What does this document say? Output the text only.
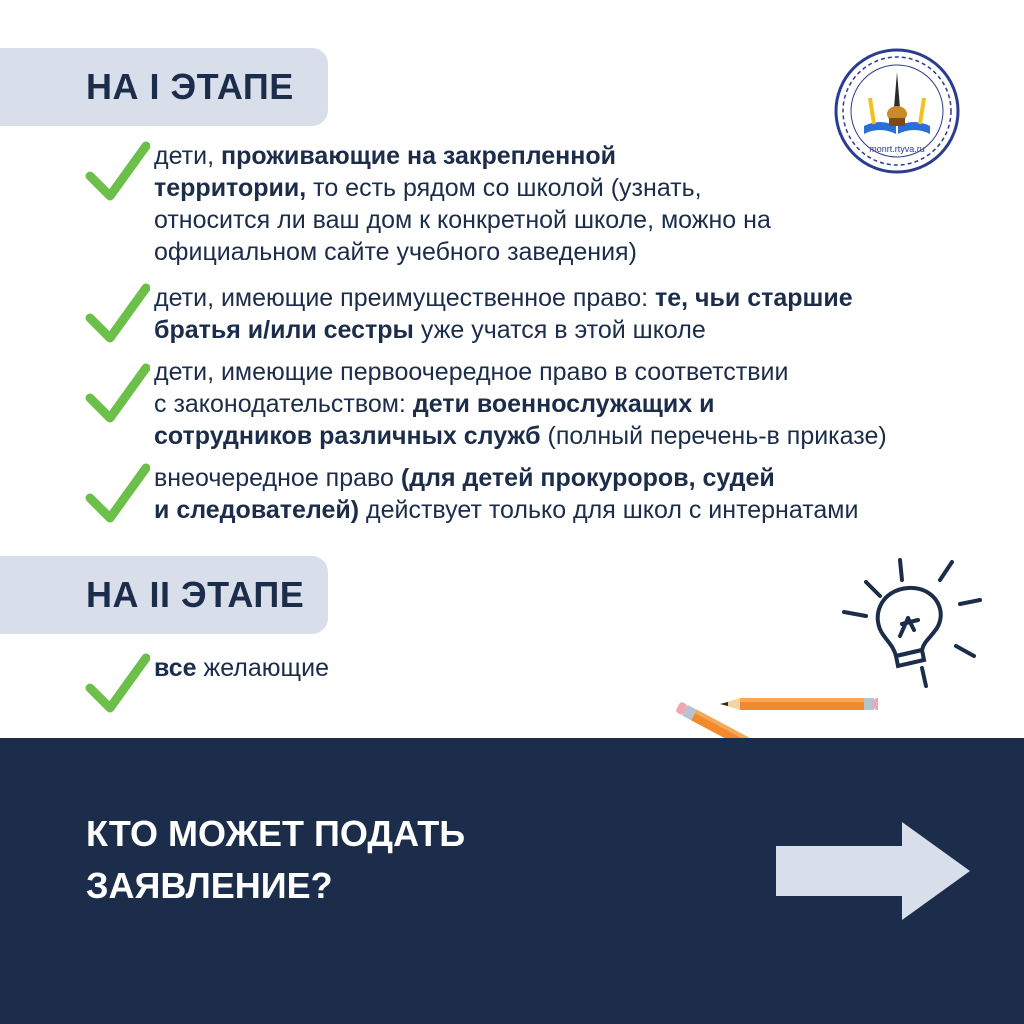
НА I ЭТАПЕ
monrt.rtyva.ru
дети, проживающие на закрепленной
территории, то есть рядом со школой (узнать,
относится ли ваш дом к конкретной школе, можно на
официальном сайте учебного заведения)
дети, имеющие преимущественное право: те, чьи старшие
братья и/или сестры уже учатся в этой школе
дети, имеющие первоочередное право в соответствии
с законодательством: дети военнослужащих и
сотрудников различных служб (полный перечень-в приказе)
внеочередное право (для детей прокуроров, судей
и следователей) действует только для школ с интернатами
НА II ЭТАПЕ
все желающие
КТО МОЖЕТ ПОДАТЬ
ЗАЯВЛЕНИЕ?
